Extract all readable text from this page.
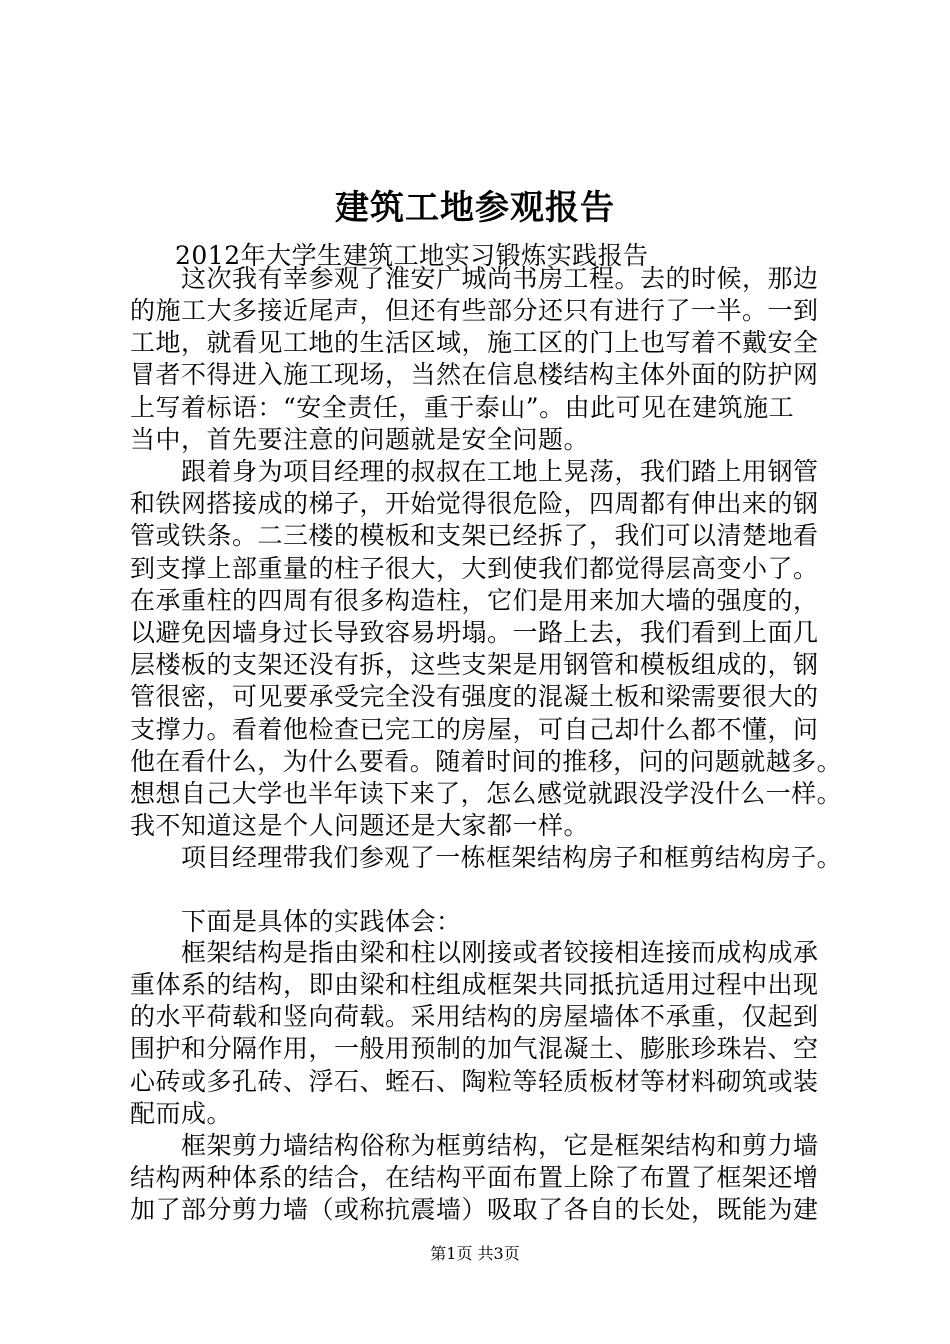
建筑工地参观报告
2012年大学生建筑工地实习锻炼实践报告
这次我有幸参观了淮安广城尚书房工程。去的时候，那边
的施工大多接近尾声，但还有些部分还只有进行了一半。一到
工地，就看见工地的生活区域，施工区的门上也写着不戴安全
冒者不得进入施工现场，当然在信息楼结构主体外面的防护网
上写着标语：“安全责任，重于泰山”。由此可见在建筑施工
当中，首先要注意的问题就是安全问题。
跟着身为项目经理的叔叔在工地上晃荡，我们踏上用钢管
和铁网搭接成的梯子，开始觉得很危险，四周都有伸出来的钢
管或铁条。二三楼的模板和支架已经拆了，我们可以清楚地看
到支撑上部重量的柱子很大，大到使我们都觉得层高变小了。
在承重柱的四周有很多构造柱，它们是用来加大墙的强度的，
以避免因墙身过长导致容易坍塌。一路上去，我们看到上面几
层楼板的支架还没有拆，这些支架是用钢管和模板组成的，钢
管很密，可见要承受完全没有强度的混凝土板和梁需要很大的
支撑力。看着他检查已完工的房屋，可自己却什么都不懂，问
他在看什么，为什么要看。随着时间的推移，问的问题就越多。
想想自己大学也半年读下来了，怎么感觉就跟没学没什么一样。
我不知道这是个人问题还是大家都一样。
项目经理带我们参观了一栋框架结构房子和框剪结构房子。
下面是具体的实践体会：
框架结构是指由梁和柱以刚接或者铰接相连接而成构成承
重体系的结构，即由梁和柱组成框架共同抵抗适用过程中出现
的水平荷载和竖向荷载。采用结构的房屋墙体不承重，仅起到
围护和分隔作用，一般用预制的加气混凝土、膨胀珍珠岩、空
心砖或多孔砖、浮石、蛭石、陶粒等轻质板材等材料砌筑或装
配而成。
框架剪力墙结构俗称为框剪结构，它是框架结构和剪力墙
结构两种体系的结合，在结构平面布置上除了布置了框架还增
加了部分剪力墙（或称抗震墙）吸取了各自的长处，既能为建
第1页 共3页
